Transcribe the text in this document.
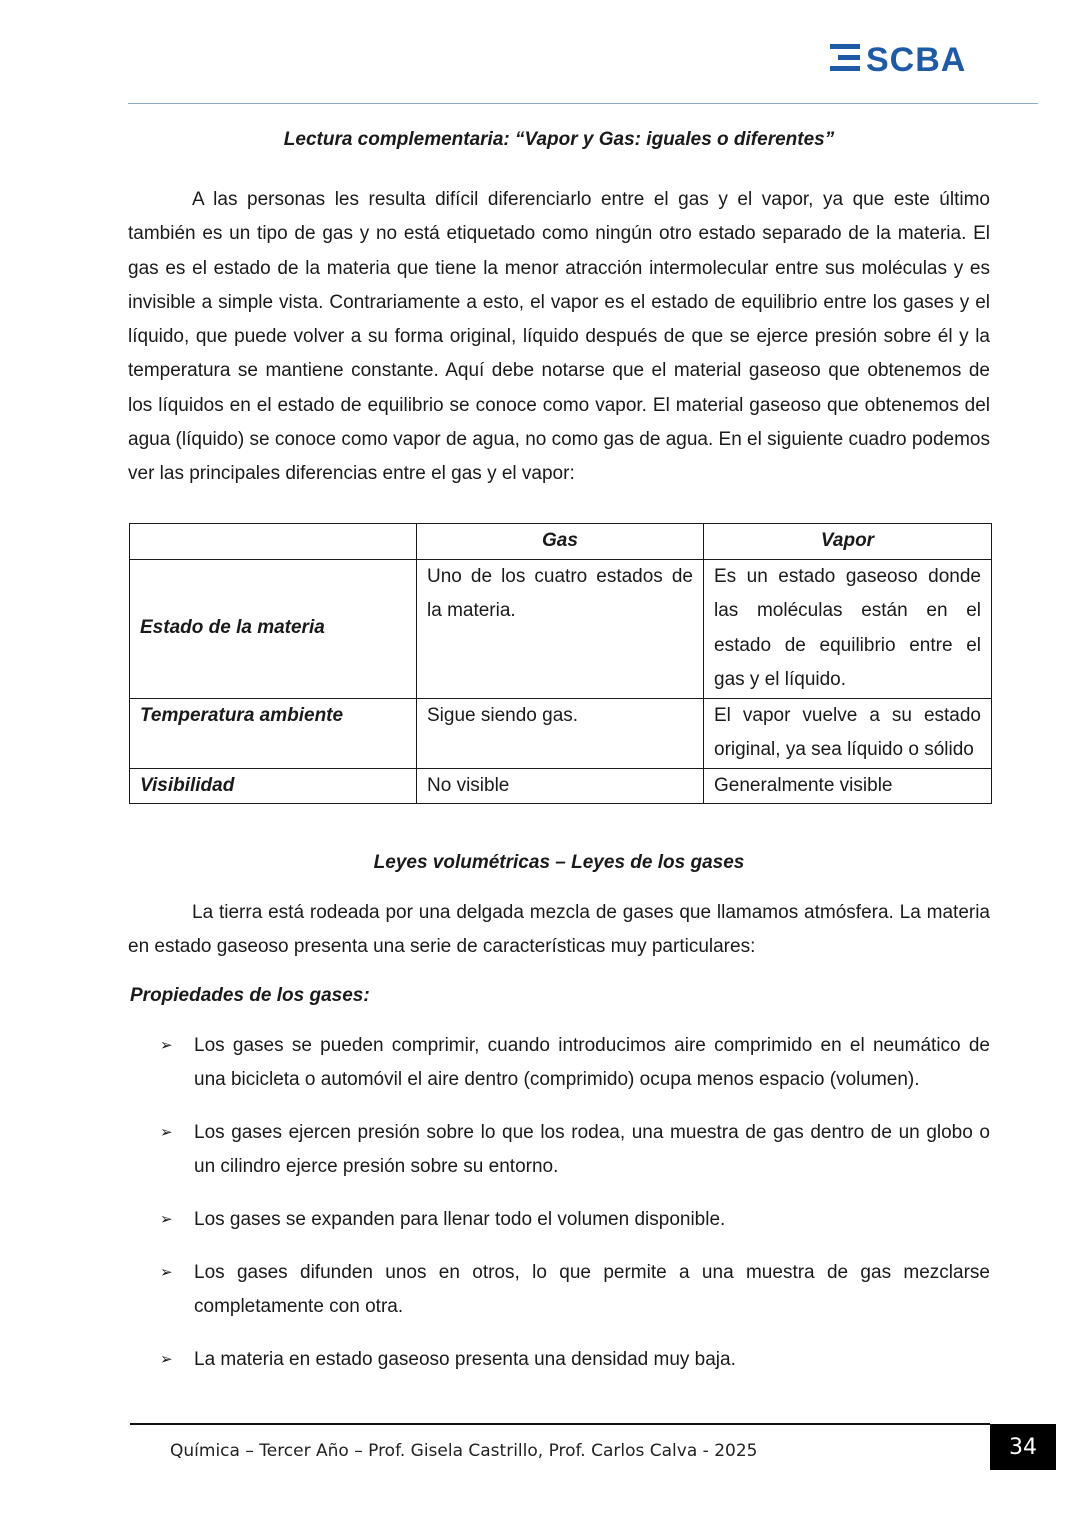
SCBA
Lectura complementaria: “Vapor y Gas: iguales o diferentes”

A las personas les resulta difícil diferenciarlo entre el gas y el vapor, ya que este último también es un tipo de gas y no está etiquetado como ningún otro estado separado de la materia. El gas es el estado de la materia que tiene la menor atracción intermolecular entre sus moléculas y es invisible a simple vista. Contrariamente a esto, el vapor es el estado de equilibrio entre los gases y el líquido, que puede volver a su forma original, líquido después de que se ejerce presión sobre él y la temperatura se mantiene constante. Aquí debe notarse que el material gaseoso que obtenemos de los líquidos en el estado de equilibrio se conoce como vapor. El material gaseoso que obtenemos del agua (líquido) se conoce como vapor de agua, no como gas de agua. En el siguiente cuadro podemos ver las principales diferencias entre el gas y el vapor:

	Gas	Vapor
Estado de la materia	Uno de los cuatro estados de la materia.	Es un estado gaseoso donde las moléculas están en el estado de equilibrio entre el gas y el líquido.
Temperatura ambiente	Sigue siendo gas.	El vapor vuelve a su estado original, ya sea líquido o sólido
Visibilidad	No visible	Generalmente visible
Leyes volumétricas – Leyes de los gases

La tierra está rodeada por una delgada mezcla de gases que llamamos atmósfera. La materia en estado gaseoso presenta una serie de características muy particulares:

Propiedades de los gases:
➢ Los gases se pueden comprimir, cuando introducimos aire comprimido en el neumático de una bicicleta o automóvil el aire dentro (comprimido) ocupa menos espacio (volumen).
➢ Los gases ejercen presión sobre lo que los rodea, una muestra de gas dentro de un globo o un cilindro ejerce presión sobre su entorno.
➢ Los gases se expanden para llenar todo el volumen disponible.
➢ Los gases difunden unos en otros, lo que permite a una muestra de gas mezclarse completamente con otra.
➢ La materia en estado gaseoso presenta una densidad muy baja.
Química – Tercer Año – Prof. Gisela Castrillo, Prof. Carlos Calva - 2025	34
